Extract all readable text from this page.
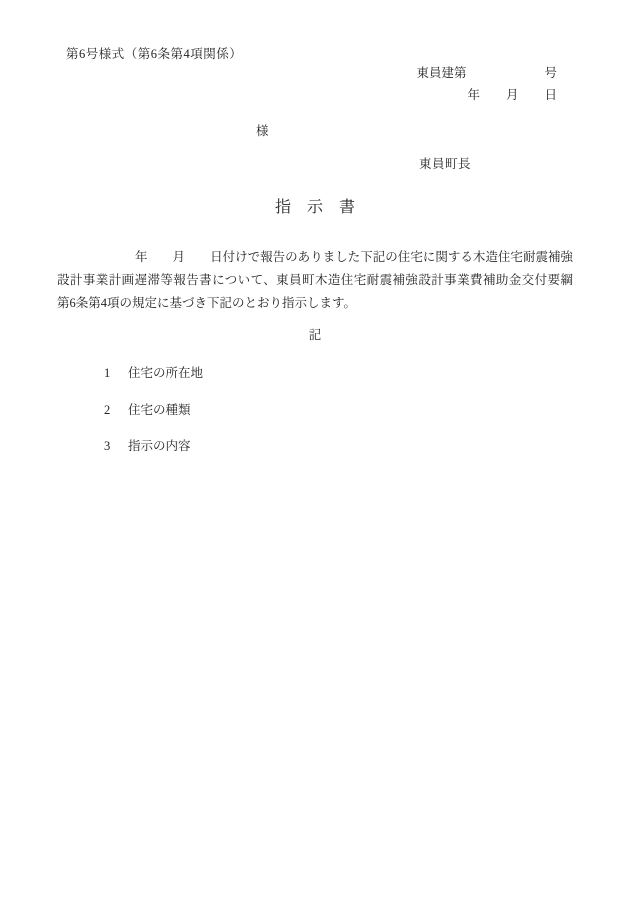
第6号様式（第6条第4項関係）
東員建第	号
年 月 日
様
東員町長
指　示　書
年　　月　　日付けで報告のありました下記の住宅に関する木造住宅耐震補強
設計事業計画遅滞等報告書について、東員町木造住宅耐震補強設計事業費補助金交付要綱
第6条第4項の規定に基づき下記のとおり指示します。
記
1 住宅の所在地
2 住宅の種類
3 指示の内容
